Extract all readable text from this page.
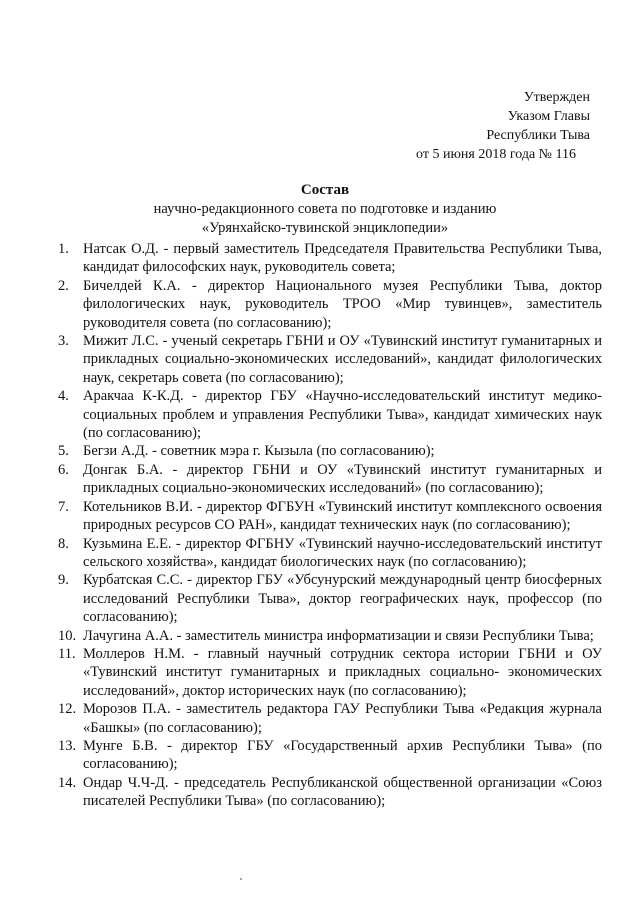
Утвержден
Указом Главы
Республики Тыва
от 5 июня 2018 года № 116
Состав
научно-редакционного совета по подготовке и изданию
«Урянхайско-тувинской энциклопедии»
1. Натсак О.Д. - первый заместитель Председателя Правительства Республики Тыва, кандидат философских наук, руководитель совета;
2. Бичелдей К.А. - директор Национального музея Республики Тыва, доктор филологических наук, руководитель ТРОО «Мир тувинцев», заместитель руководителя совета (по согласованию);
3. Мижит Л.С. - ученый секретарь ГБНИ и ОУ «Тувинский институт гуманитарных и прикладных социально-экономических исследований», кандидат филологических наук, секретарь совета (по согласованию);
4. Аракчаа К-К.Д. - директор ГБУ «Научно-исследовательский институт медико-социальных проблем и управления Республики Тыва», кандидат химических наук (по согласованию);
5. Бегзи А.Д. - советник мэра г. Кызыла (по согласованию);
6. Донгак Б.А. - директор ГБНИ и ОУ «Тувинский институт гуманитарных и прикладных социально-экономических исследований» (по согласованию);
7. Котельников В.И. - директор ФГБУН «Тувинский институт комплексного освоения природных ресурсов СО РАН», кандидат технических наук (по согласованию);
8. Кузьмина Е.Е. - директор ФГБНУ «Тувинский научно-исследовательский институт сельского хозяйства», кандидат биологических наук (по согласованию);
9. Курбатская С.С. - директор ГБУ «Убсунурский международный центр биосферных исследований Республики Тыва», доктор географических наук, профессор (по согласованию);
10. Лачугина А.А. - заместитель министра информатизации и связи Республики Тыва;
11. Моллеров Н.М. - главный научный сотрудник сектора истории ГБНИ и ОУ «Тувинский институт гуманитарных и прикладных социально- экономических исследований», доктор исторических наук (по согласованию);
12. Морозов П.А. - заместитель редактора ГАУ Республики Тыва «Редакция журнала «Башкы» (по согласованию);
13. Мунге Б.В. - директор ГБУ «Государственный архив Республики Тыва» (по согласованию);
14. Ондар Ч.Ч-Д. - председатель Республиканской общественной организации «Союз писателей Республики Тыва» (по согласованию);
